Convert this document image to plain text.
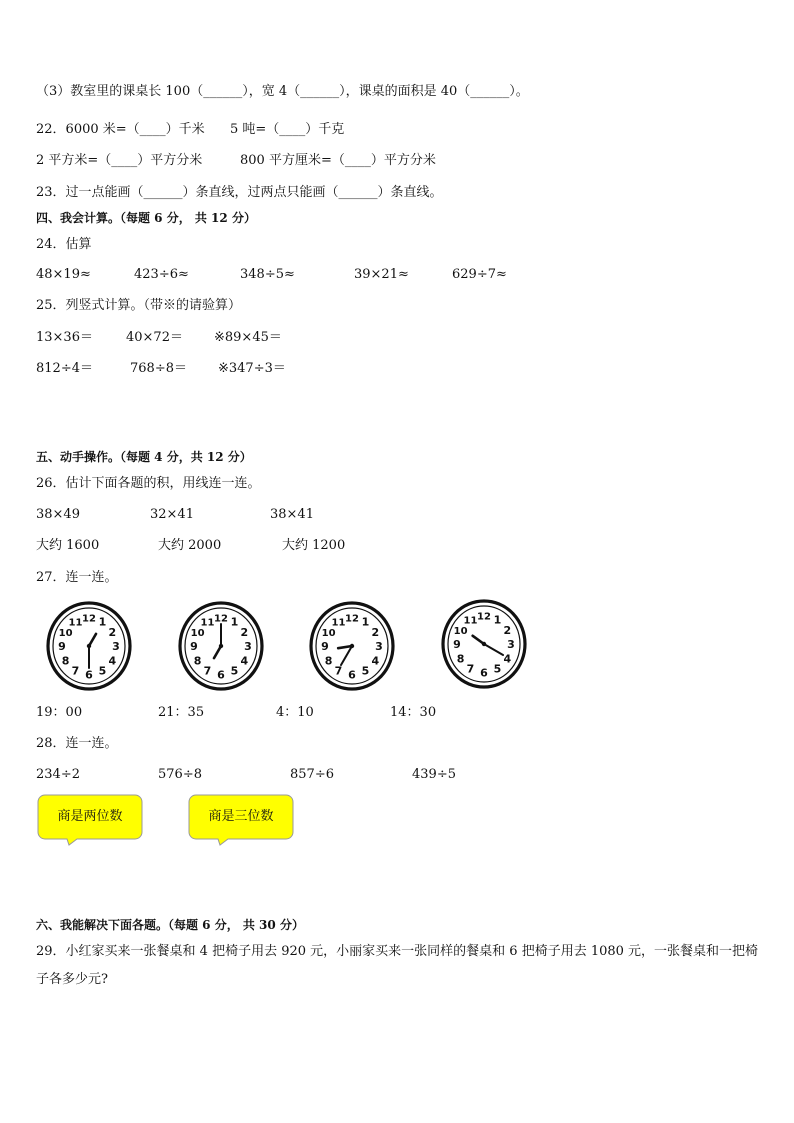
（3）教室里的课桌长 100（______），宽 4（______），课桌的面积是 40（______）。
22．6000 米=（____）千米 5 吨=（____）千克
2 平方米=（____）平方分米	800 平方厘米=（____）平方分米
23．过一点能画（______）条直线，过两点只能画（______）条直线。
四、我会计算。（每题 6 分， 共 12 分）
24．估算
48×19≈	423÷6≈	348÷5≈	39×21≈	629÷7≈
25．列竖式计算。（带※的请验算）
13×36＝	40×72＝ ※89×45＝
812÷4＝	768÷8＝ ※347÷3＝
五、动手操作。（每题 4 分，共 12 分）
26．估计下面各题的积，用线连一连。
38×49	32×41	38×41
大约 1600	大约 2000	大约 1200
27．连一连。
1
2
3
4
5
6
7
8
9
10
11 12	1
2
3
4
5
6
7
8
9
10
11 12	1
2
3
4
5
6
7
8
9
10
11 12	1
2
3
4
5
6
7
8
9
10
11 12
19：00	21：35	4：10	14：30
28．连一连。
234÷2	576÷8	857÷6	439÷5
商是两位数	商是三位数
六、我能解决下面各题。（每题 6 分， 共 30 分）
29．小红家买来一张餐桌和 4 把椅子用去 920 元，小丽家买来一张同样的餐桌和 6 把椅子用去 1080 元，一张餐桌和一把椅子各多少元?
